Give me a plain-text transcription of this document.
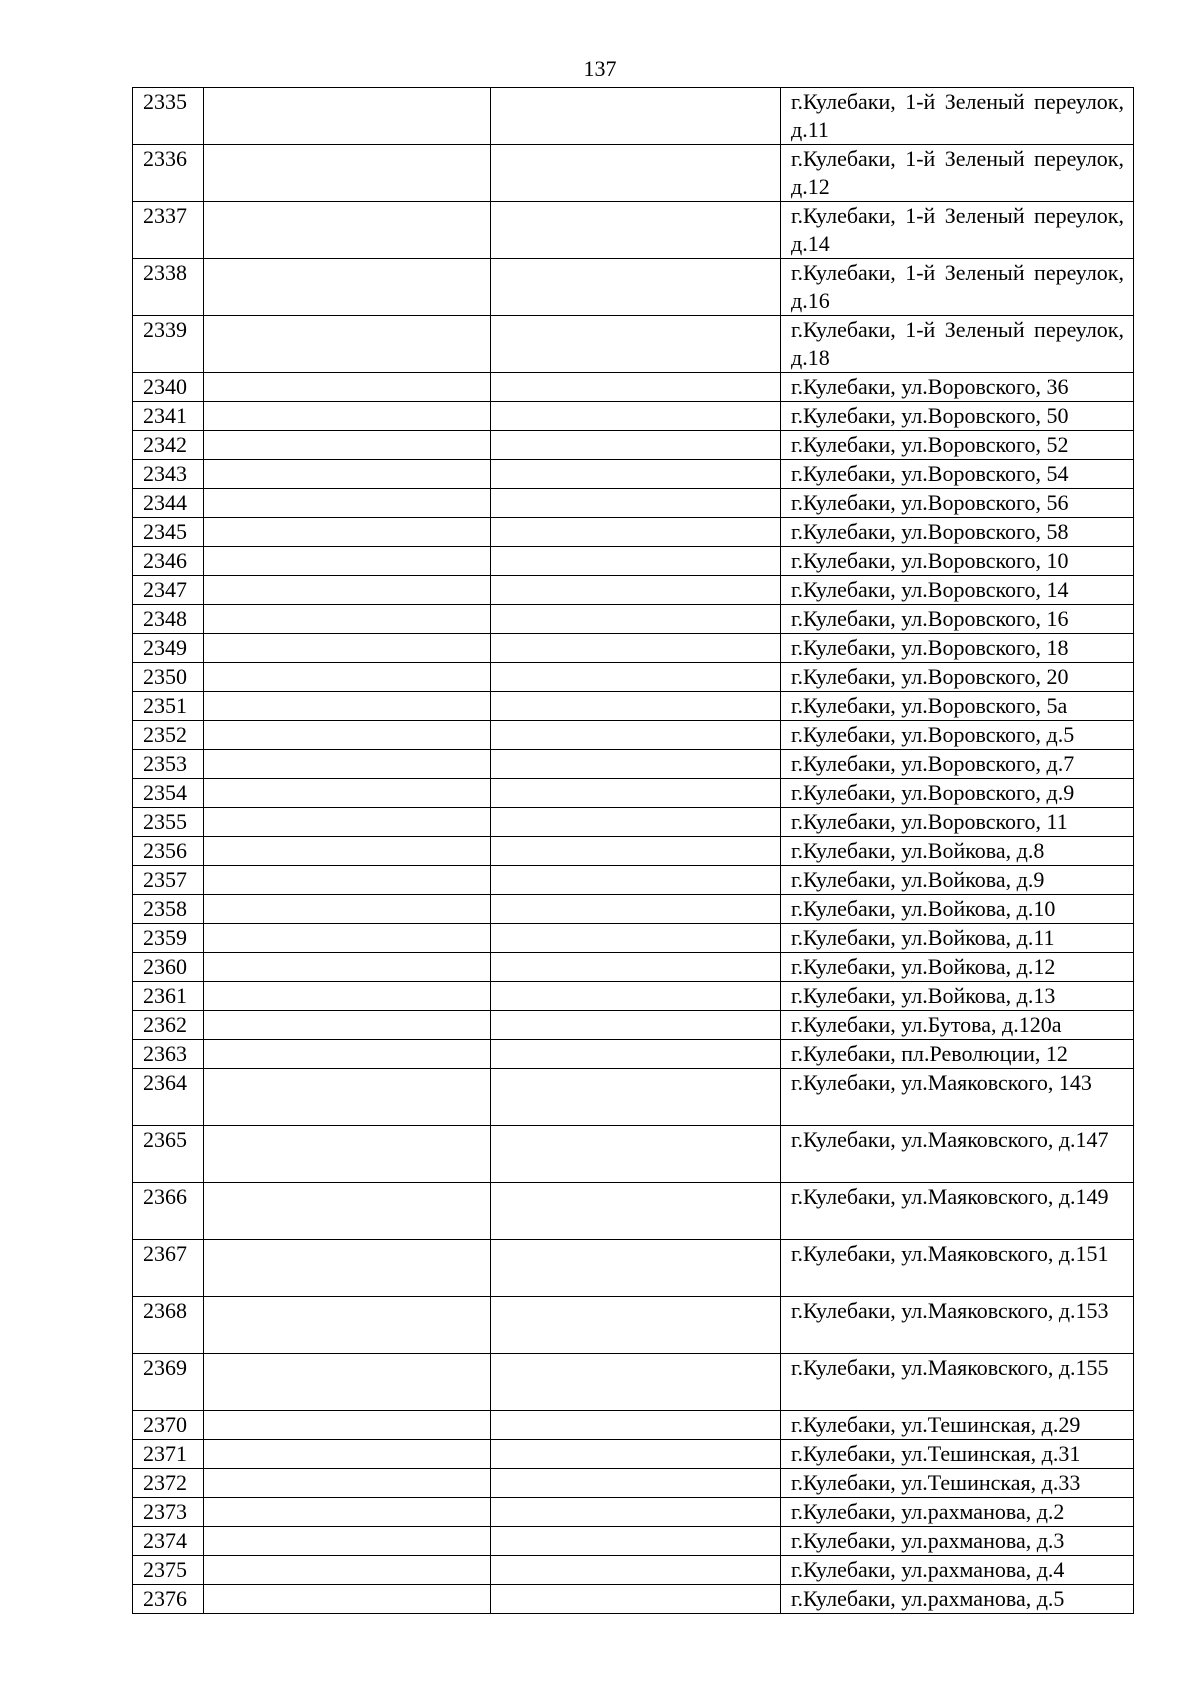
137
2335			г.Кулебаки, 1-й Зеленый переулок, д.11

2336			г.Кулебаки, 1-й Зеленый переулок, д.12

2337			г.Кулебаки, 1-й Зеленый переулок, д.14

2338			г.Кулебаки, 1-й Зеленый переулок, д.16

2339			г.Кулебаки, 1-й Зеленый переулок, д.18

2340			г.Кулебаки, ул.Воровского, 36

2341			г.Кулебаки, ул.Воровского, 50

2342			г.Кулебаки, ул.Воровского, 52

2343			г.Кулебаки, ул.Воровского, 54

2344			г.Кулебаки, ул.Воровского, 56

2345			г.Кулебаки, ул.Воровского, 58

2346			г.Кулебаки, ул.Воровского, 10

2347			г.Кулебаки, ул.Воровского, 14

2348			г.Кулебаки, ул.Воровского, 16

2349			г.Кулебаки, ул.Воровского, 18

2350			г.Кулебаки, ул.Воровского, 20

2351			г.Кулебаки, ул.Воровского, 5а

2352			г.Кулебаки, ул.Воровского, д.5

2353			г.Кулебаки, ул.Воровского, д.7

2354			г.Кулебаки, ул.Воровского, д.9

2355			г.Кулебаки, ул.Воровского, 11

2356			г.Кулебаки, ул.Войкова, д.8

2357			г.Кулебаки, ул.Войкова, д.9

2358			г.Кулебаки, ул.Войкова, д.10

2359			г.Кулебаки, ул.Войкова, д.11

2360			г.Кулебаки, ул.Войкова, д.12

2361			г.Кулебаки, ул.Войкова, д.13

2362			г.Кулебаки, ул.Бутова, д.120а

2363			г.Кулебаки, пл.Революции, 12

2364			г.Кулебаки, ул.Маяковского, 143

2365			г.Кулебаки, ул.Маяковского, д.147

2366			г.Кулебаки, ул.Маяковского, д.149

2367			г.Кулебаки, ул.Маяковского, д.151

2368			г.Кулебаки, ул.Маяковского, д.153

2369			г.Кулебаки, ул.Маяковского, д.155

2370			г.Кулебаки, ул.Тешинская, д.29

2371			г.Кулебаки, ул.Тешинская, д.31

2372			г.Кулебаки, ул.Тешинская, д.33

2373			г.Кулебаки, ул.рахманова, д.2

2374			г.Кулебаки, ул.рахманова, д.3

2375			г.Кулебаки, ул.рахманова, д.4

2376			г.Кулебаки, ул.рахманова, д.5
